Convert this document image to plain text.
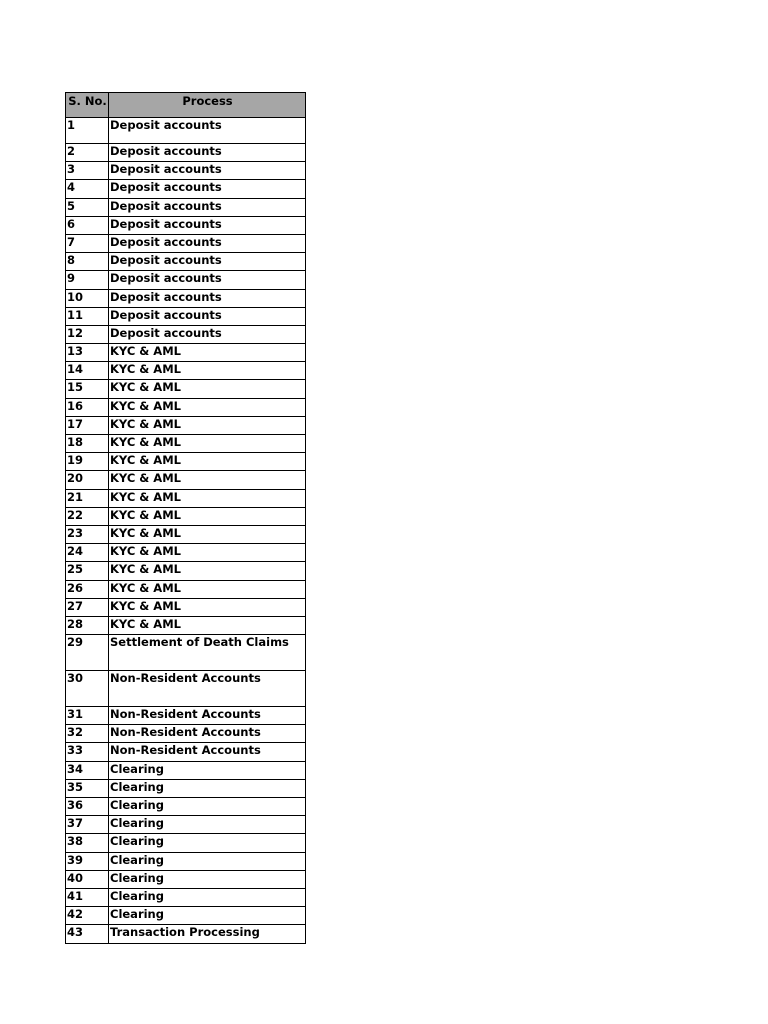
S. No.	Process
1	Deposit accounts
2	Deposit accounts
3	Deposit accounts
4	Deposit accounts
5	Deposit accounts
6	Deposit accounts
7	Deposit accounts
8	Deposit accounts
9	Deposit accounts
10	Deposit accounts
11	Deposit accounts
12	Deposit accounts
13	KYC & AML
14	KYC & AML
15	KYC & AML
16	KYC & AML
17	KYC & AML
18	KYC & AML
19	KYC & AML
20	KYC & AML
21	KYC & AML
22	KYC & AML
23	KYC & AML
24	KYC & AML
25	KYC & AML
26	KYC & AML
27	KYC & AML
28	KYC & AML
29	Settlement of Death Claims
30	Non-Resident Accounts
31	Non-Resident Accounts
32	Non-Resident Accounts
33	Non-Resident Accounts
34	Clearing
35	Clearing
36	Clearing
37	Clearing
38	Clearing
39	Clearing
40	Clearing
41	Clearing
42	Clearing
43	Transaction Processing
